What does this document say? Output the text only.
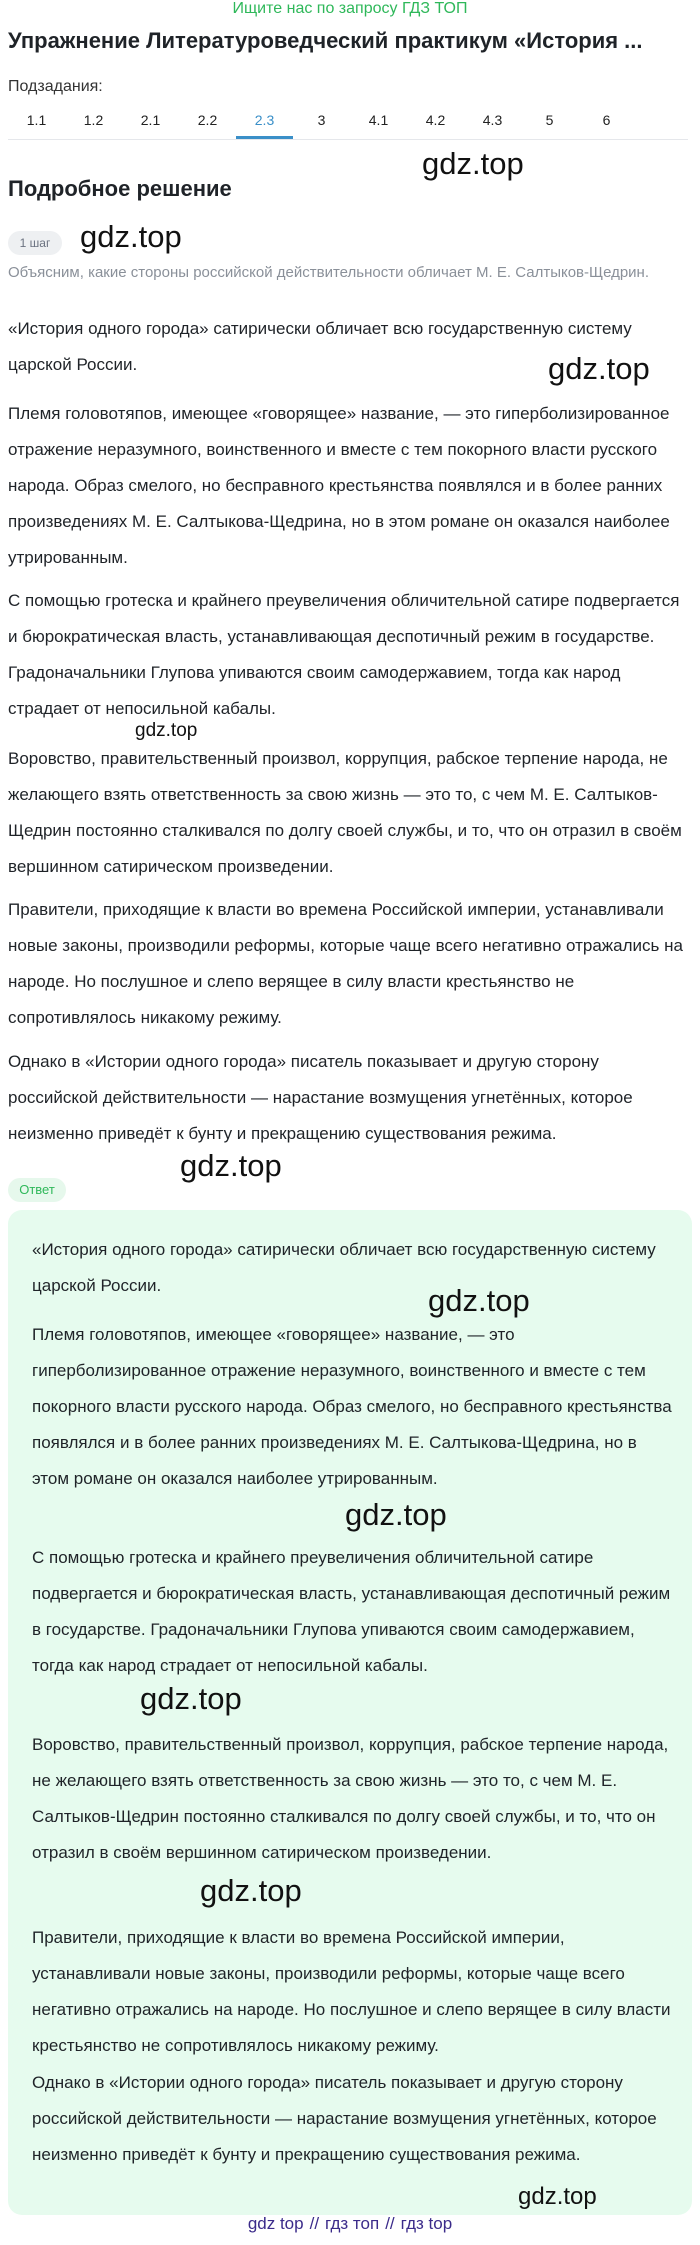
Ищите нас по запросу ГДЗ ТОП
Упражнение Литературоведческий практикум «История ...
Подзадания:
1.1	1.2	2.1	2.2	2.3	3	4.1	4.2	4.3	5	6
Подробное решение
gdz.top
1 шаг gdz.top
Объясним, какие стороны российской действительности обличает М. Е. Салтыков-Щедрин.
«История одного города» сатирически обличает всю государственную систему царской России.	gdz.top
Племя головотяпов, имеющее «говорящее» название, — это гиперболизированное отражение неразумного, воинственного и вместе с тем покорного власти русского народа. Образ смелого, но бесправного крестьянства появлялся и в более ранних произведениях М. Е. Салтыкова-Щедрина, но в этом романе он оказался наиболее утрированным.
С помощью гротеска и крайнего преувеличения обличительной сатире подвергается и бюрократическая власть, устанавливающая деспотичный режим в государстве. Градоначальники Глупова упиваются своим самодержавием, тогда как народ страдает от непосильной кабалы.
gdz.top
Воровство, правительственный произвол, коррупция, рабское терпение народа, не желающего взять ответственность за свою жизнь — это то, с чем М. Е. Салтыков-Щедрин постоянно сталкивался по долгу своей службы, и то, что он отразил в своём вершинном сатирическом произведении.
Правители, приходящие к власти во времена Российской империи, устанавливали новые законы, производили реформы, которые чаще всего негативно отражались на народе. Но послушное и слепо верящее в силу власти крестьянство не сопротивлялось никакому режиму.
Однако в «Истории одного города» писатель показывает и другую сторону российской действительности — нарастание возмущения угнетённых, которое неизменно приведёт к бунту и прекращению существования режима.
gdz.top
Ответ
«История одного города» сатирически обличает всю государственную систему царской России.	gdz.top
Племя головотяпов, имеющее «говорящее» название, — это гиперболизированное отражение неразумного, воинственного и вместе с тем покорного власти русского народа. Образ смелого, но бесправного крестьянства появлялся и в более ранних произведениях М. Е. Салтыкова-Щедрина, но в этом романе он оказался наиболее утрированным.
gdz.top
С помощью гротеска и крайнего преувеличения обличительной сатире подвергается и бюрократическая власть, устанавливающая деспотичный режим в государстве. Градоначальники Глупова упиваются своим самодержавием, тогда как народ страдает от непосильной кабалы.
gdz.top
Воровство, правительственный произвол, коррупция, рабское терпение народа, не желающего взять ответственность за свою жизнь — это то, с чем М. Е. Салтыков-Щедрин постоянно сталкивался по долгу своей службы, и то, что он отразил в своём вершинном сатирическом произведении.
gdz.top
Правители, приходящие к власти во времена Российской империи, устанавливали новые законы, производили реформы, которые чаще всего негативно отражались на народе. Но послушное и слепо верящее в силу власти крестьянство не сопротивлялось никакому режиму.
Однако в «Истории одного города» писатель показывает и другую сторону российской действительности — нарастание возмущения угнетённых, которое неизменно приведёт к бунту и прекращению существования режима.
gdz.top
gdz top // гдз топ // гдз top
